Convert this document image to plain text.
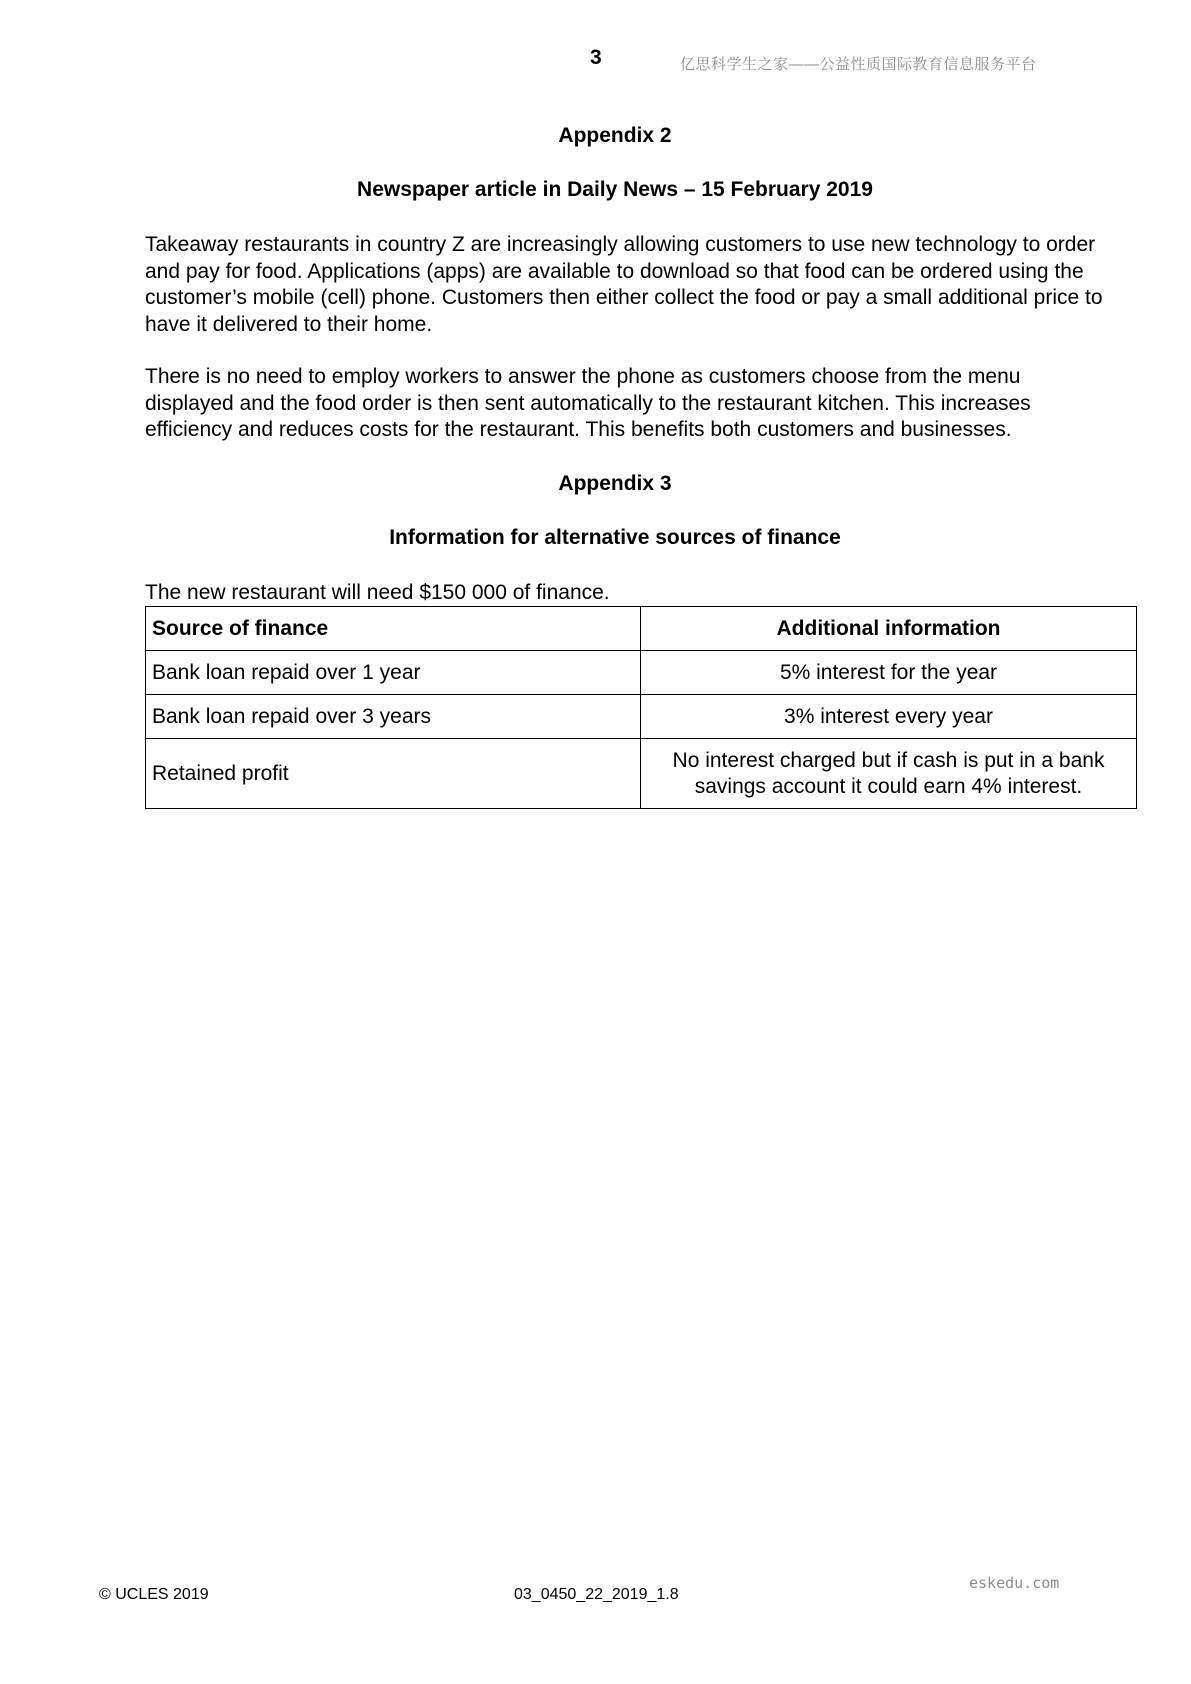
3	亿思科学生之家——公益性质国际教育信息服务平台
Appendix 2
Newspaper article in Daily News – 15 February 2019

Takeaway restaurants in country Z are increasingly allowing customers to use new technology to order and pay for food. Applications (apps) are available to download so that food can be ordered using the customer’s mobile (cell) phone. Customers then either collect the food or pay a small additional price to have it delivered to their home.

There is no need to employ workers to answer the phone as customers choose from the menu displayed and the food order is then sent automatically to the restaurant kitchen. This increases efficiency and reduces costs for the restaurant. This benefits both customers and businesses.

Appendix 3
Information for alternative sources of finance

The new restaurant will need $150 000 of finance.

Source of finance	Additional information
Bank loan repaid over 1 year	5% interest for the year
Bank loan repaid over 3 years	3% interest every year
Retained profit	No interest charged but if cash is put in a bank savings account it could earn 4% interest.
© UCLES 2019	03_0450_22_2019_1.8
eskedu.com
